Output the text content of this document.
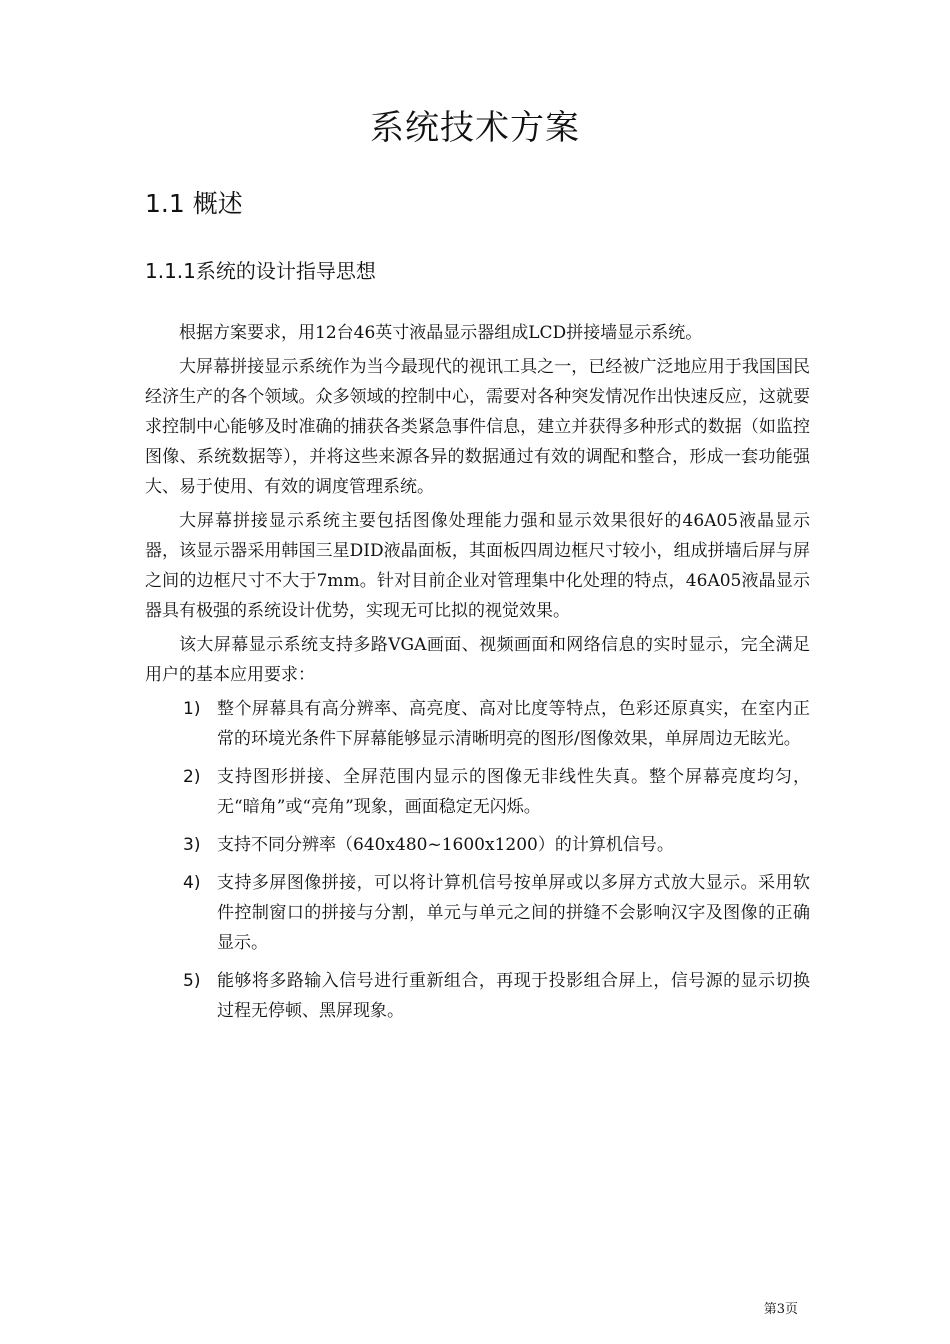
系统技术方案
1.1 概述
1.1.1系统的设计指导思想

根据方案要求，用12台46英寸液晶显示器组成LCD拼接墙显示系统。

大屏幕拼接显示系统作为当今最现代的视讯工具之一，已经被广泛地应用于我国国民经济生产的各个领域。众多领域的控制中心，需要对各种突发情况作出快速反应，这就要求控制中心能够及时准确的捕获各类紧急事件信息，建立并获得多种形式的数据（如监控图像、系统数据等），并将这些来源各异的数据通过有效的调配和整合，形成一套功能强大、易于使用、有效的调度管理系统。

大屏幕拼接显示系统主要包括图像处理能力强和显示效果很好的46A05液晶显示器，该显示器采用韩国三星DID液晶面板，其面板四周边框尺寸较小，组成拼墙后屏与屏之间的边框尺寸不大于7mm。针对目前企业对管理集中化处理的特点，46A05液晶显示器具有极强的系统设计优势，实现无可比拟的视觉效果。

该大屏幕显示系统支持多路VGA画面、视频画面和网络信息的实时显示，完全满足用户的基本应用要求：

1) 整个屏幕具有高分辨率、高亮度、高对比度等特点，色彩还原真实，在室内正常的环境光条件下屏幕能够显示清晰明亮的图形/图像效果，单屏周边无眩光。
2) 支持图形拼接、全屏范围内显示的图像无非线性失真。整个屏幕亮度均匀，无“暗角”或“亮角”现象，画面稳定无闪烁。
3) 支持不同分辨率（640x480~1600x1200）的计算机信号。
4) 支持多屏图像拼接，可以将计算机信号按单屏或以多屏方式放大显示。采用软件控制窗口的拼接与分割，单元与单元之间的拼缝不会影响汉字及图像的正确显示。
5) 能够将多路输入信号进行重新组合，再现于投影组合屏上，信号源的显示切换过程无停顿、黑屏现象。
第3页
